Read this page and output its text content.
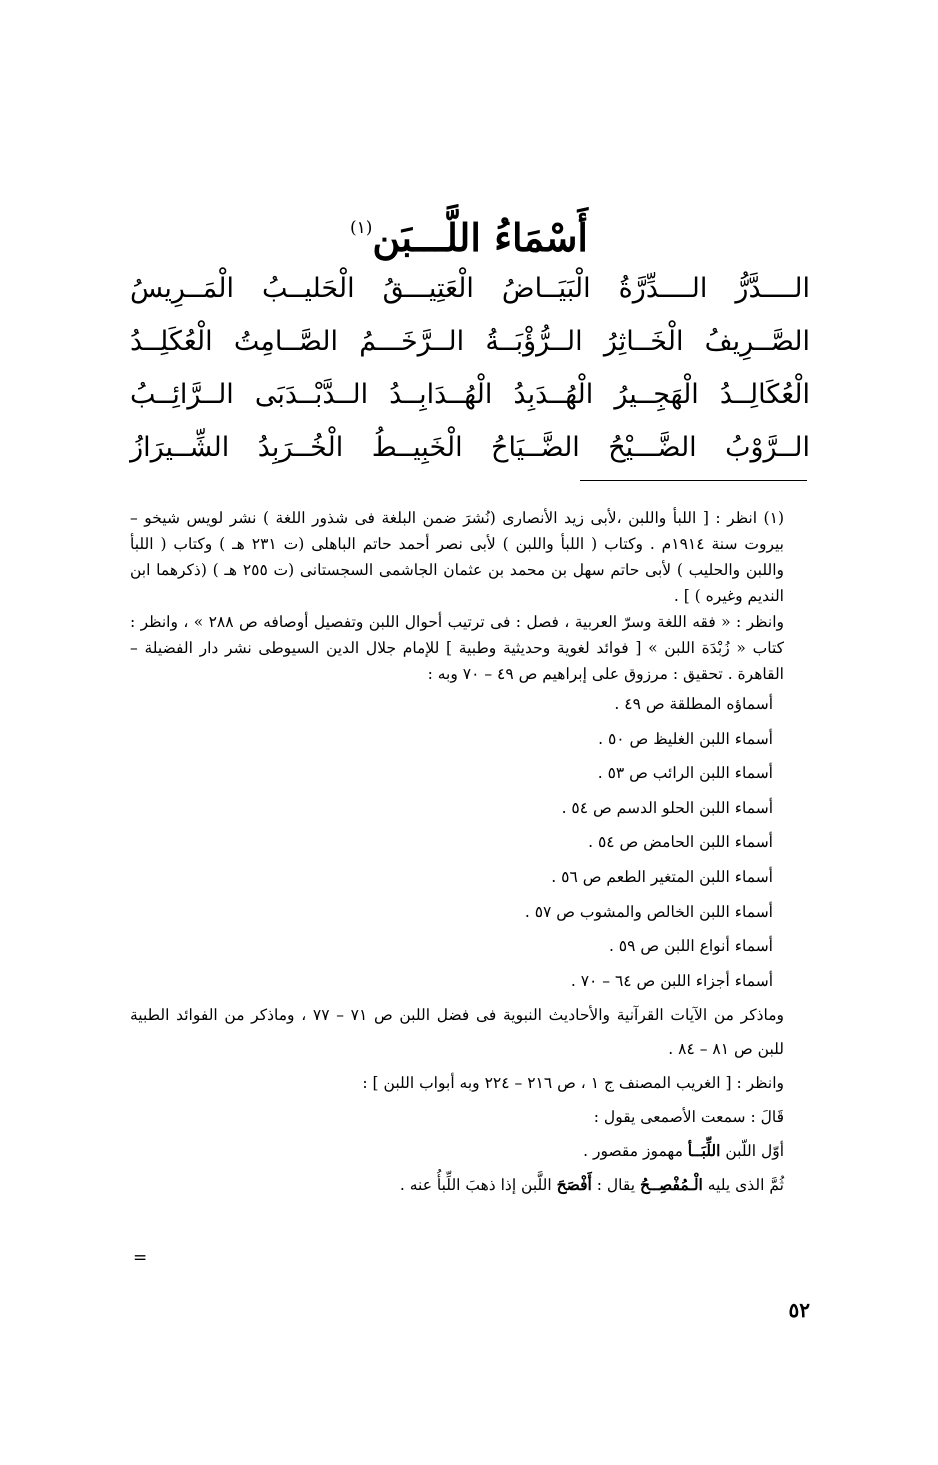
أَسْمَاءُ اللَّـــبَن$^{(١)}$
الــــدَّرُّ
الــــدِّرَّةُ
الْبَيَــاضُ
الْعَتِيـــقُ
الْحَليــبُ
الْمَــرِيسُ
الصَّــرِيفُ
الْخَــاثِرُ
الــرُّؤْبَــةُ
الــرَّخَـــمُ
الصَّــامِتُ
الْعُكَلِــدُ
الْعُكَالِــدُ
الْهَجِــيرُ
الْهُــدَبِدُ
الْهُــدَابِــدُ
الــدَّبْــدَبَى
الــرَّائِــبُ
الــرَّوْبُ
الضَّـــيْحُ
الضَّــيَاحُ
الْخَبِيــطُ
الْخُــرَبِدُ
الشِّــيرَازُ

(١) انظر : [ اللبأ واللبن ،لأبى زيد الأنصارى (نُشرَ ضمن البلغة فى شذور اللغة ) نشر لويس شيخو – بيروت سنة ١٩١٤م . وكتاب ( اللبأ واللبن ) لأبى نصر أحمد حاتم الباهلى (ت ٢٣١ هـ ) وكتاب ( اللبأ واللبن والحليب ) لأبى حاتم سهل بن محمد بن عثمان الجاشمى السجستانى (ت ٢٥٥ هـ ) (ذكرهما ابن النديم وغيره ) ] .

وانظر : « فقه اللغة وسرّ العربية ، فصل : فى ترتيب أحوال اللبن وتفصيل أوصافه ص ٢٨٨ » ، وانظر : كتاب « زُبْدَة اللبن » [ فوائد لغوية وحديثية وطبية ] للإمام جلال الدين السيوطى نشر دار الفضيلة – القاهرة . تحقيق : مرزوق على إبراهيم ص ٤٩ – ٧٠ وبه :

أسماؤه المطلقة ص ٤٩ .

أسماء اللبن الغليظ ص ٥٠ .

أسماء اللبن الرائب ص ٥٣ .

أسماء اللبن الحلو الدسم ص ٥٤ .

أسماء اللبن الحامض ص ٥٤ .

أسماء اللبن المتغير الطعم ص ٥٦ .

أسماء اللبن الخالص والمشوب ص ٥٧ .

أسماء أنواع اللبن ص ٥٩ .

أسماء أجزاء اللبن ص ٦٤ – ٧٠ .

وماذكر من الآيات القرآنية والأحاديث النبوية فى فضل اللبن ص ٧١ – ٧٧ ، وماذكر من الفوائد الطبية للبن ص ٨١ – ٨٤ .

وانظر : [ الغريب المصنف ج ١ ، ص ٢١٦ – ٢٢٤ وبه أبواب اللبن ] :

قَالَ : سمعت الأصمعى يقول :

أوّل اللّبن اللِّبَــأ مهموز مقصور .

ثُمَّ الذى يليه الْـمُفْصِــحُ يقال : أَفْصَحَ اللَّبن إذا ذهبَ اللِّبأُ عنه .

=
٥٢
